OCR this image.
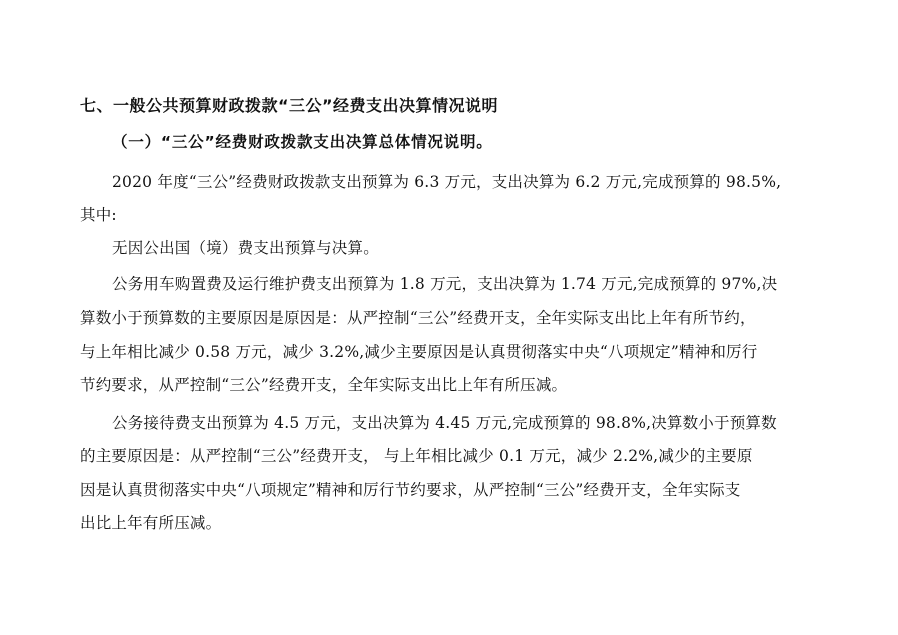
七、一般公共预算财政拨款“三公”经费支出决算情况说明
（一）“三公”经费财政拨款支出决算总体情况说明。
2020 年度“三公”经费财政拨款支出预算为 6.3 万元，支出决算为 6.2 万元,完成预算的 98.5%,
其中:
无因公出国（境）费支出预算与决算。
公务用车购置费及运行维护费支出预算为 1.8 万元，支出决算为 1.74 万元,完成预算的 97%,决
算数小于预算数的主要原因是原因是：从严控制“三公”经费开支，全年实际支出比上年有所节约，
与上年相比减少 0.58 万元，减少 3.2%,减少主要原因是认真贯彻落实中央“八项规定”精神和厉行
节约要求，从严控制“三公”经费开支，全年实际支出比上年有所压减。
公务接待费支出预算为 4.5 万元，支出决算为 4.45 万元,完成预算的 98.8%,决算数小于预算数
的主要原因是：从严控制“三公”经费开支， 与上年相比减少 0.1 万元，减少 2.2%,减少的主要原
因是认真贯彻落实中央“八项规定”精神和厉行节约要求，从严控制“三公”经费开支，全年实际支
出比上年有所压减。
